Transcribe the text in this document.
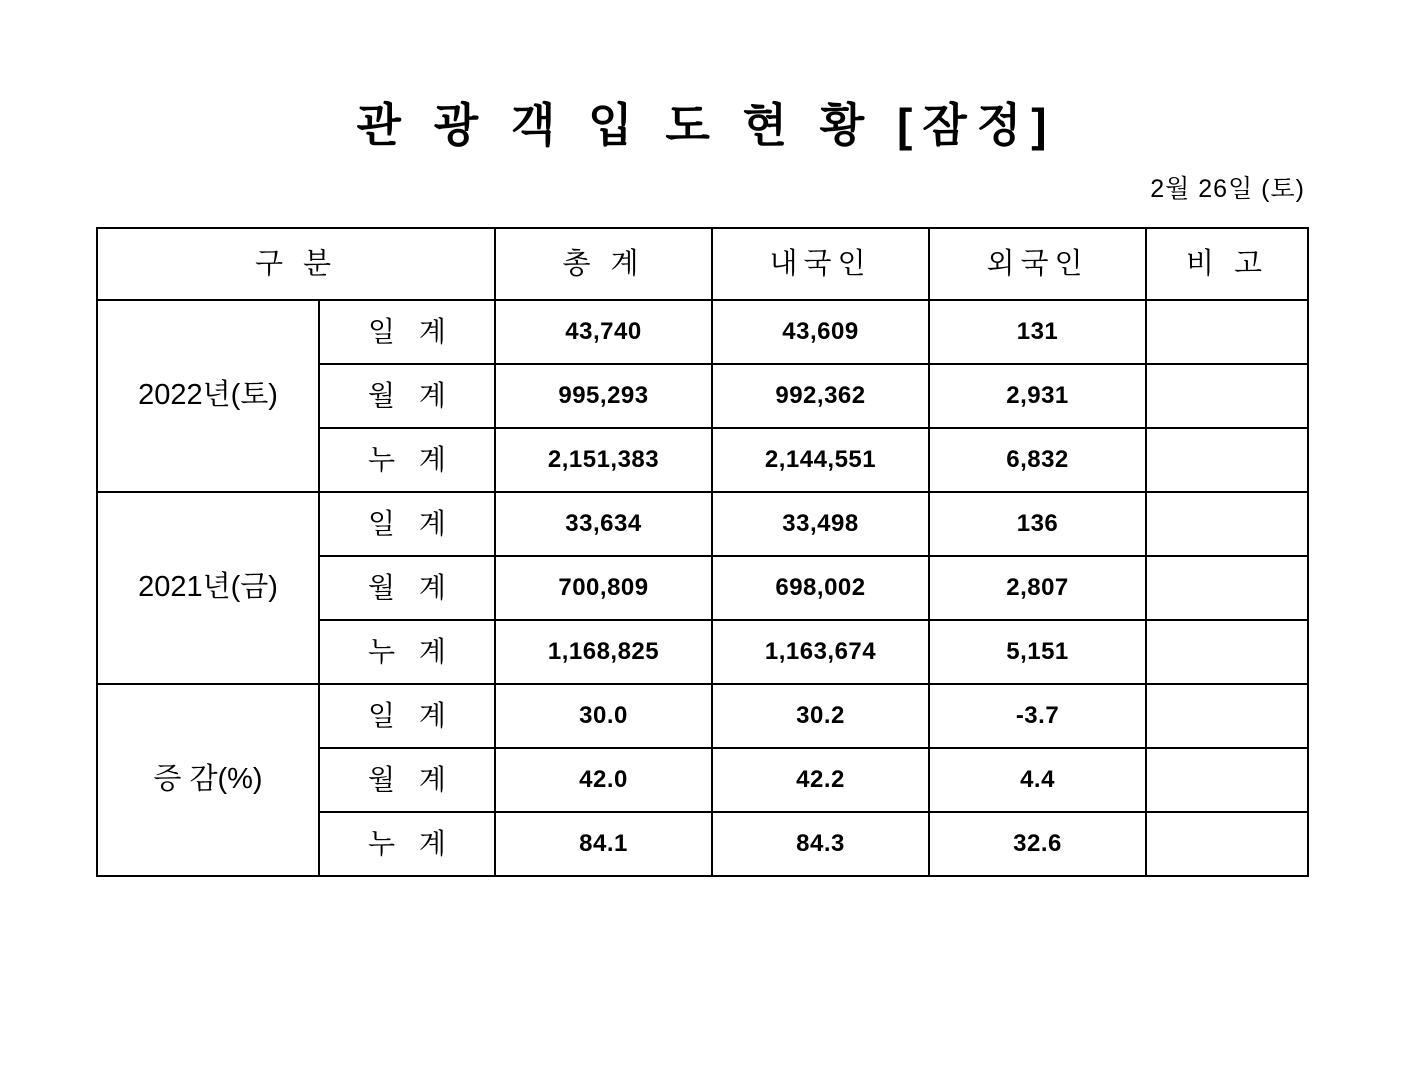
관 광 객 입 도 현 황 [잠정]
2월 26일 (토)
구 분		총 계	내국인	외국인	비 고

2022년(토)	일 계	43,740	43,609	131	

	월 계	995,293	992,362	2,931	

	누 계	2,151,383	2,144,551	6,832	

2021년(금)	일 계	33,634	33,498	136	

	월 계	700,809	698,002	2,807	

	누 계	1,168,825	1,163,674	5,151	

증 감(%)	일 계	30.0	30.2	-3.7	

	월 계	42.0	42.2	4.4	

	누 계	84.1	84.3	32.6	
